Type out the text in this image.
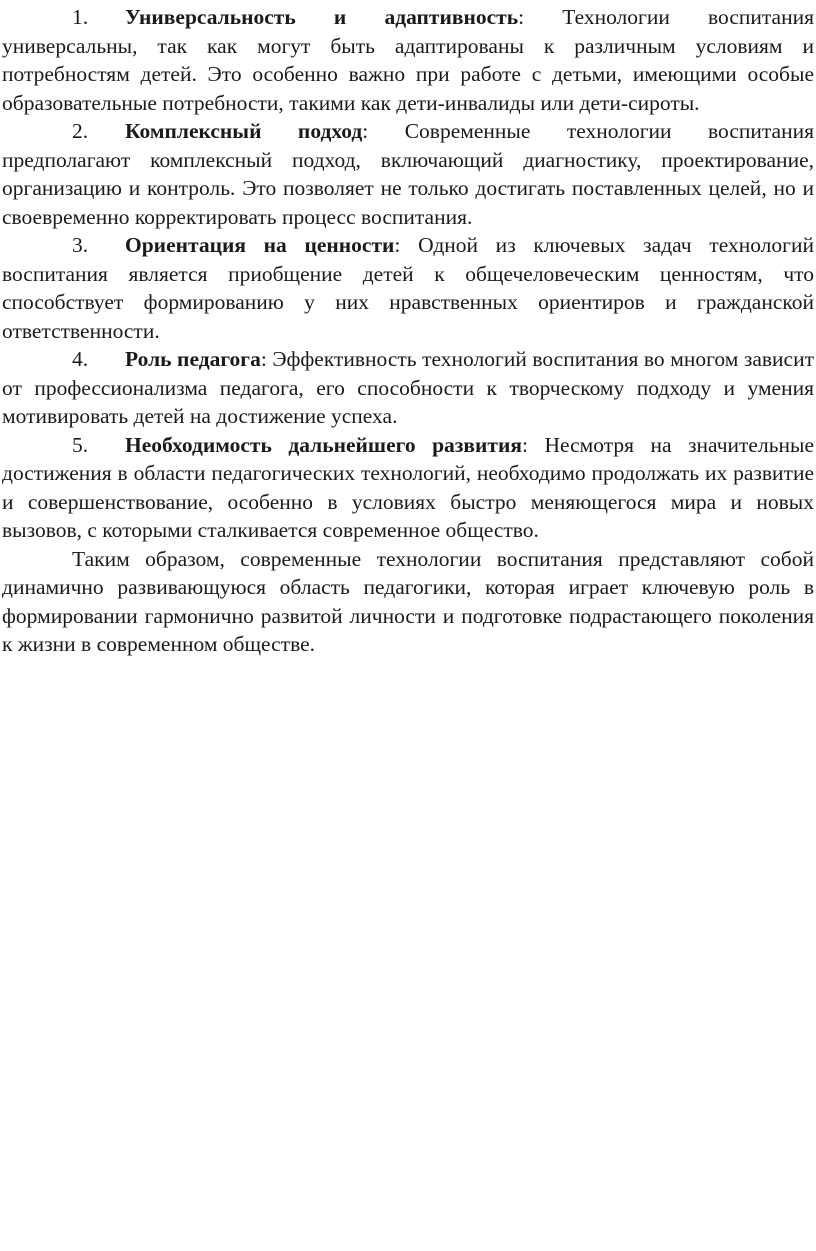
1. Универсальность и адаптивность: Технологии воспитания универсальны, так как могут быть адаптированы к различным условиям и потребностям детей. Это особенно важно при работе с детьми, имеющими особые образовательные потребности, такими как дети-инвалиды или дети-сироты.

2. Комплексный подход: Современные технологии воспитания предполагают комплексный подход, включающий диагностику, проектирование, организацию и контроль. Это позволяет не только достигать поставленных целей, но и своевременно корректировать процесс воспитания.

3. Ориентация на ценности: Одной из ключевых задач технологий воспитания является приобщение детей к общечеловеческим ценностям, что способствует формированию у них нравственных ориентиров и гражданской ответственности.

4. Роль педагога: Эффективность технологий воспитания во многом зависит от профессионализма педагога, его способности к творческому подходу и умения мотивировать детей на достижение успеха.

5. Необходимость дальнейшего развития: Несмотря на значительные достижения в области педагогических технологий, необходимо продолжать их развитие и совершенствование, особенно в условиях быстро меняющегося мира и новых вызовов, с которыми сталкивается современное общество.

Таким образом, современные технологии воспитания представляют собой динамично развивающуюся область педагогики, которая играет ключевую роль в формировании гармонично развитой личности и подготовке подрастающего поколения к жизни в современном обществе.
